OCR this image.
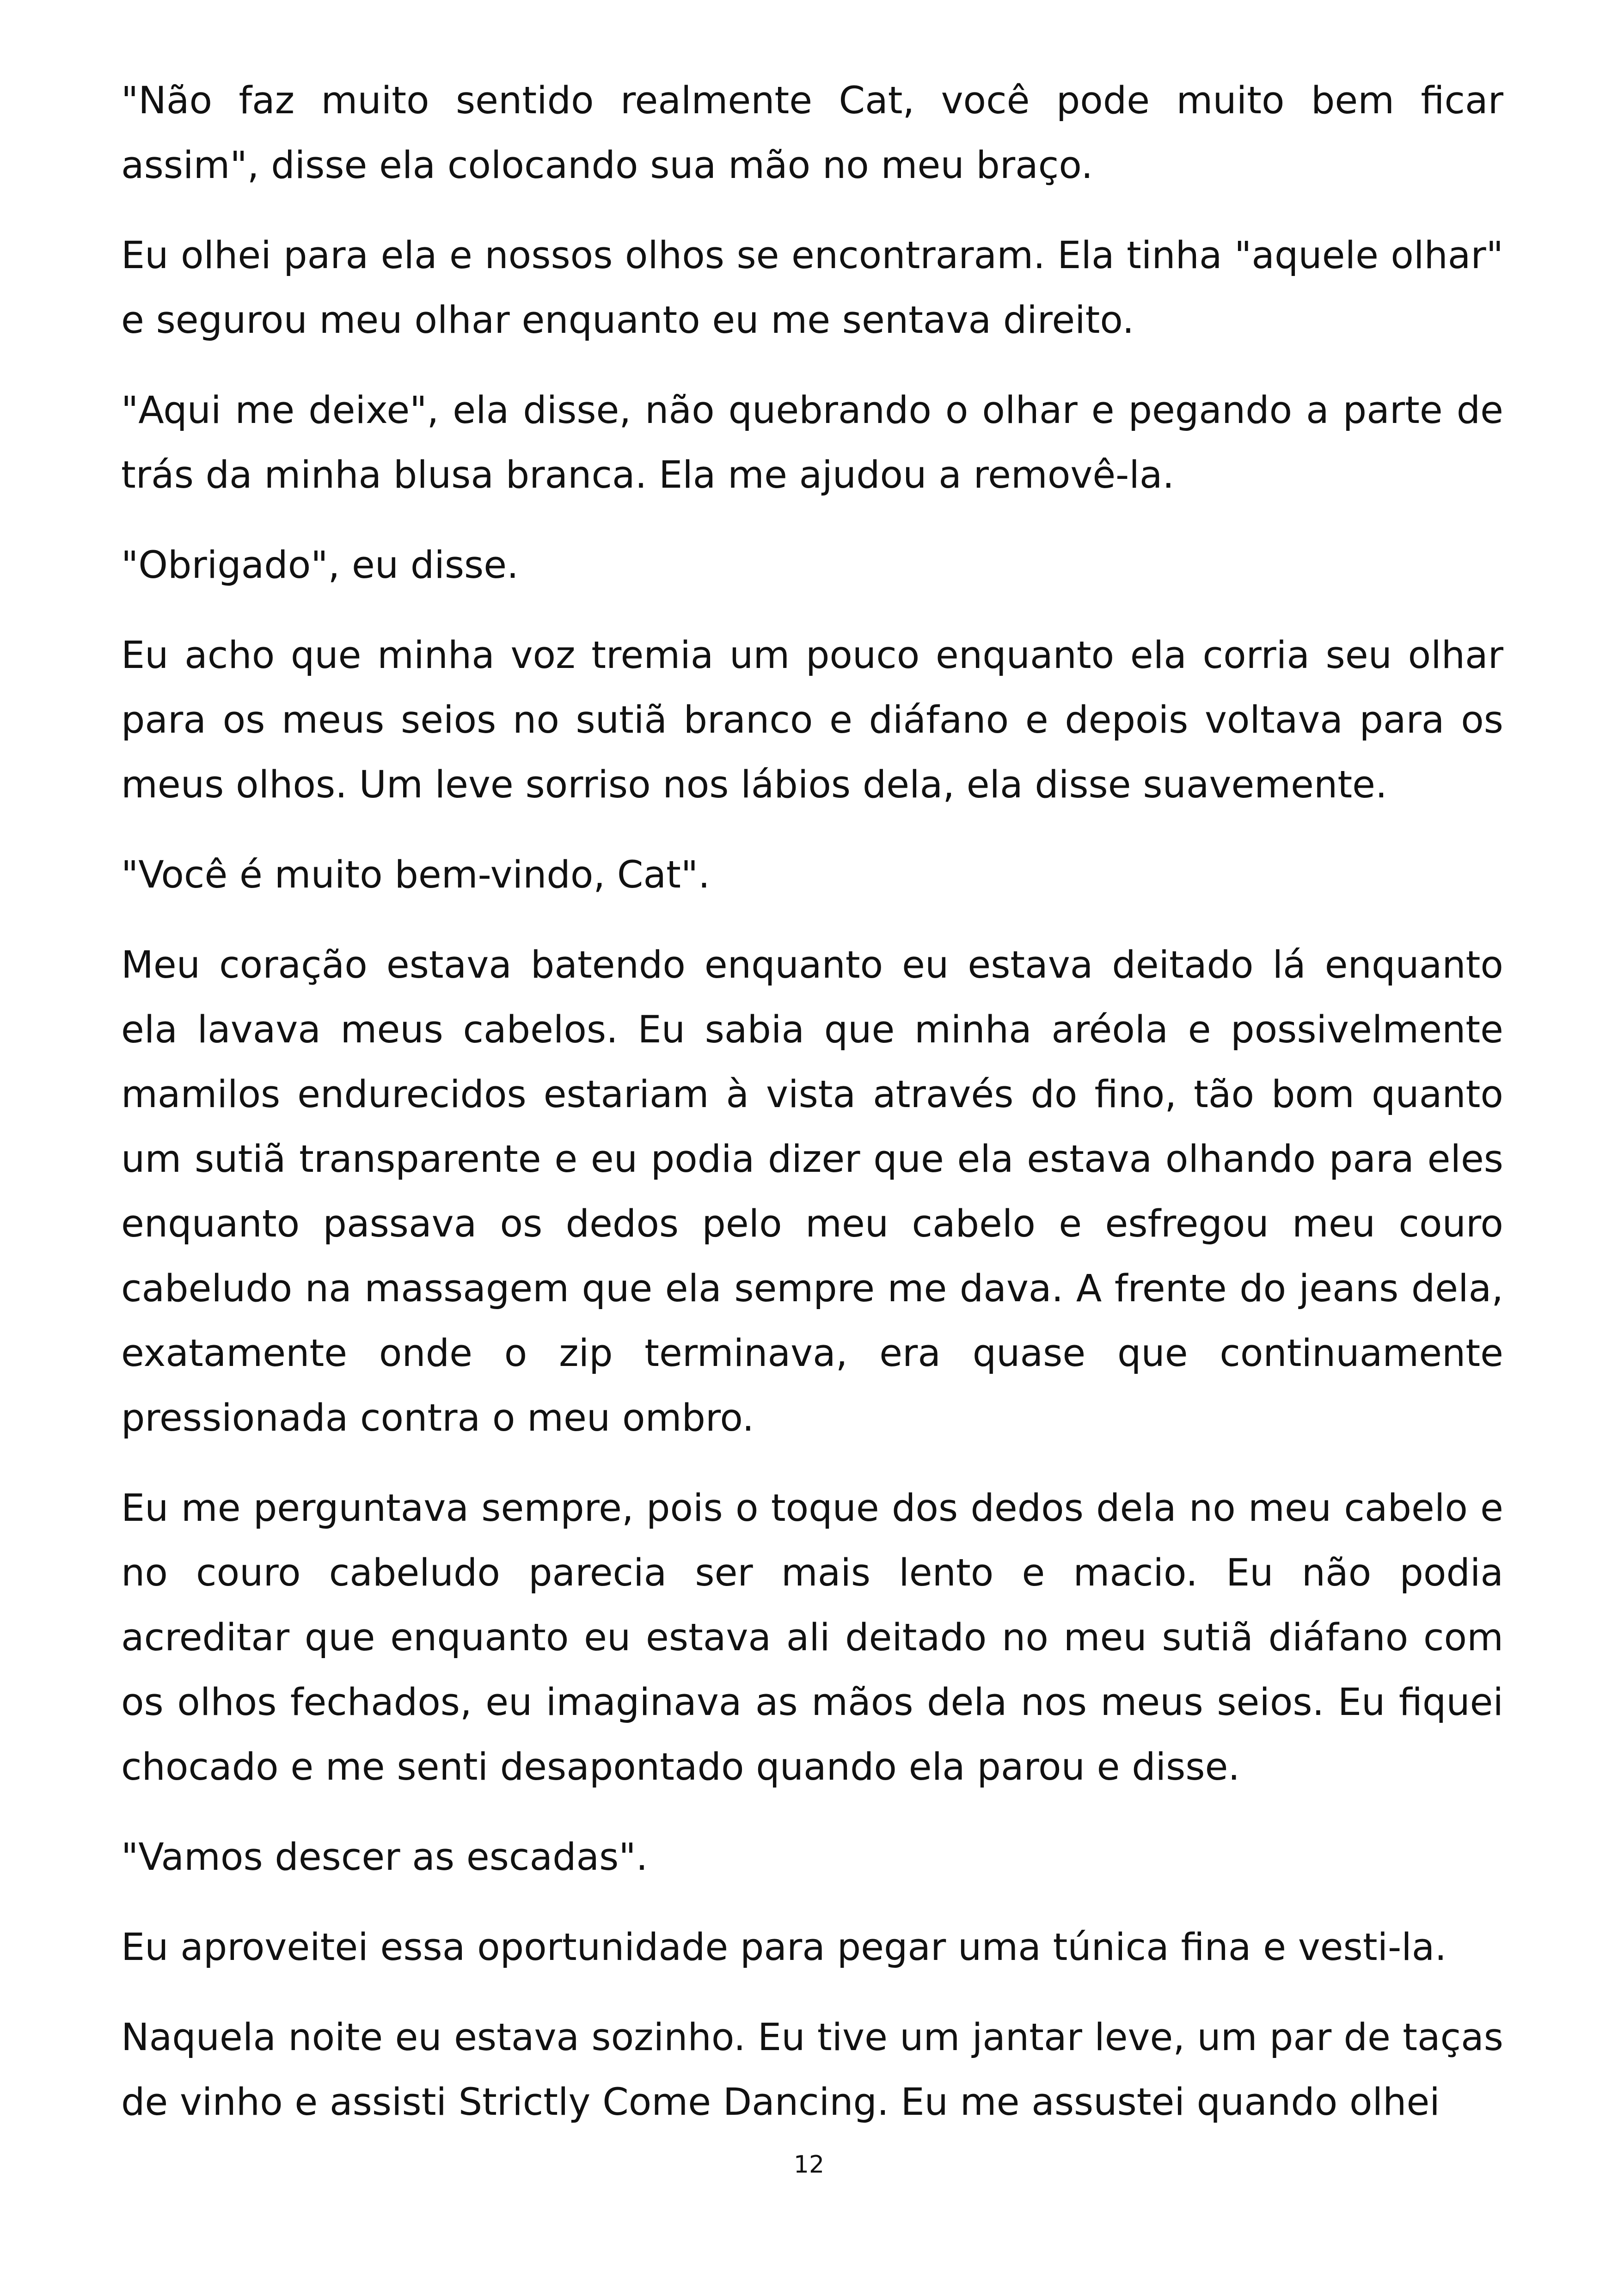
"Não faz muito sentido realmente Cat, você pode muito bem ficar assim", disse ela colocando sua mão no meu braço.

Eu olhei para ela e nossos olhos se encontraram. Ela tinha "aquele olhar" e segurou meu olhar enquanto eu me sentava direito.

"Aqui me deixe", ela disse, não quebrando o olhar e pegando a parte de trás da minha blusa branca. Ela me ajudou a removê-la.

"Obrigado", eu disse.

Eu acho que minha voz tremia um pouco enquanto ela corria seu olhar para os meus seios no sutiã branco e diáfano e depois voltava para os meus olhos. Um leve sorriso nos lábios dela, ela disse suavemente.

"Você é muito bem-vindo, Cat".

Meu coração estava batendo enquanto eu estava deitado lá enquanto ela lavava meus cabelos. Eu sabia que minha aréola e possivelmente mamilos endurecidos estariam à vista através do fino, tão bom quanto um sutiã transparente e eu podia dizer que ela estava olhando para eles enquanto passava os dedos pelo meu cabelo e esfregou meu couro cabeludo na massagem que ela sempre me dava. A frente do jeans dela, exatamente onde o zip terminava, era quase que continuamente pressionada contra o meu ombro.

Eu me perguntava sempre, pois o toque dos dedos dela no meu cabelo e no couro cabeludo parecia ser mais lento e macio. Eu não podia acreditar que enquanto eu estava ali deitado no meu sutiã diáfano com os olhos fechados, eu imaginava as mãos dela nos meus seios. Eu fiquei chocado e me senti desapontado quando ela parou e disse.

"Vamos descer as escadas".

Eu aproveitei essa oportunidade para pegar uma túnica fina e vesti-la.

Naquela noite eu estava sozinho. Eu tive um jantar leve, um par de taças de vinho e assisti Strictly Come Dancing. Eu me assustei quando olhei

12
